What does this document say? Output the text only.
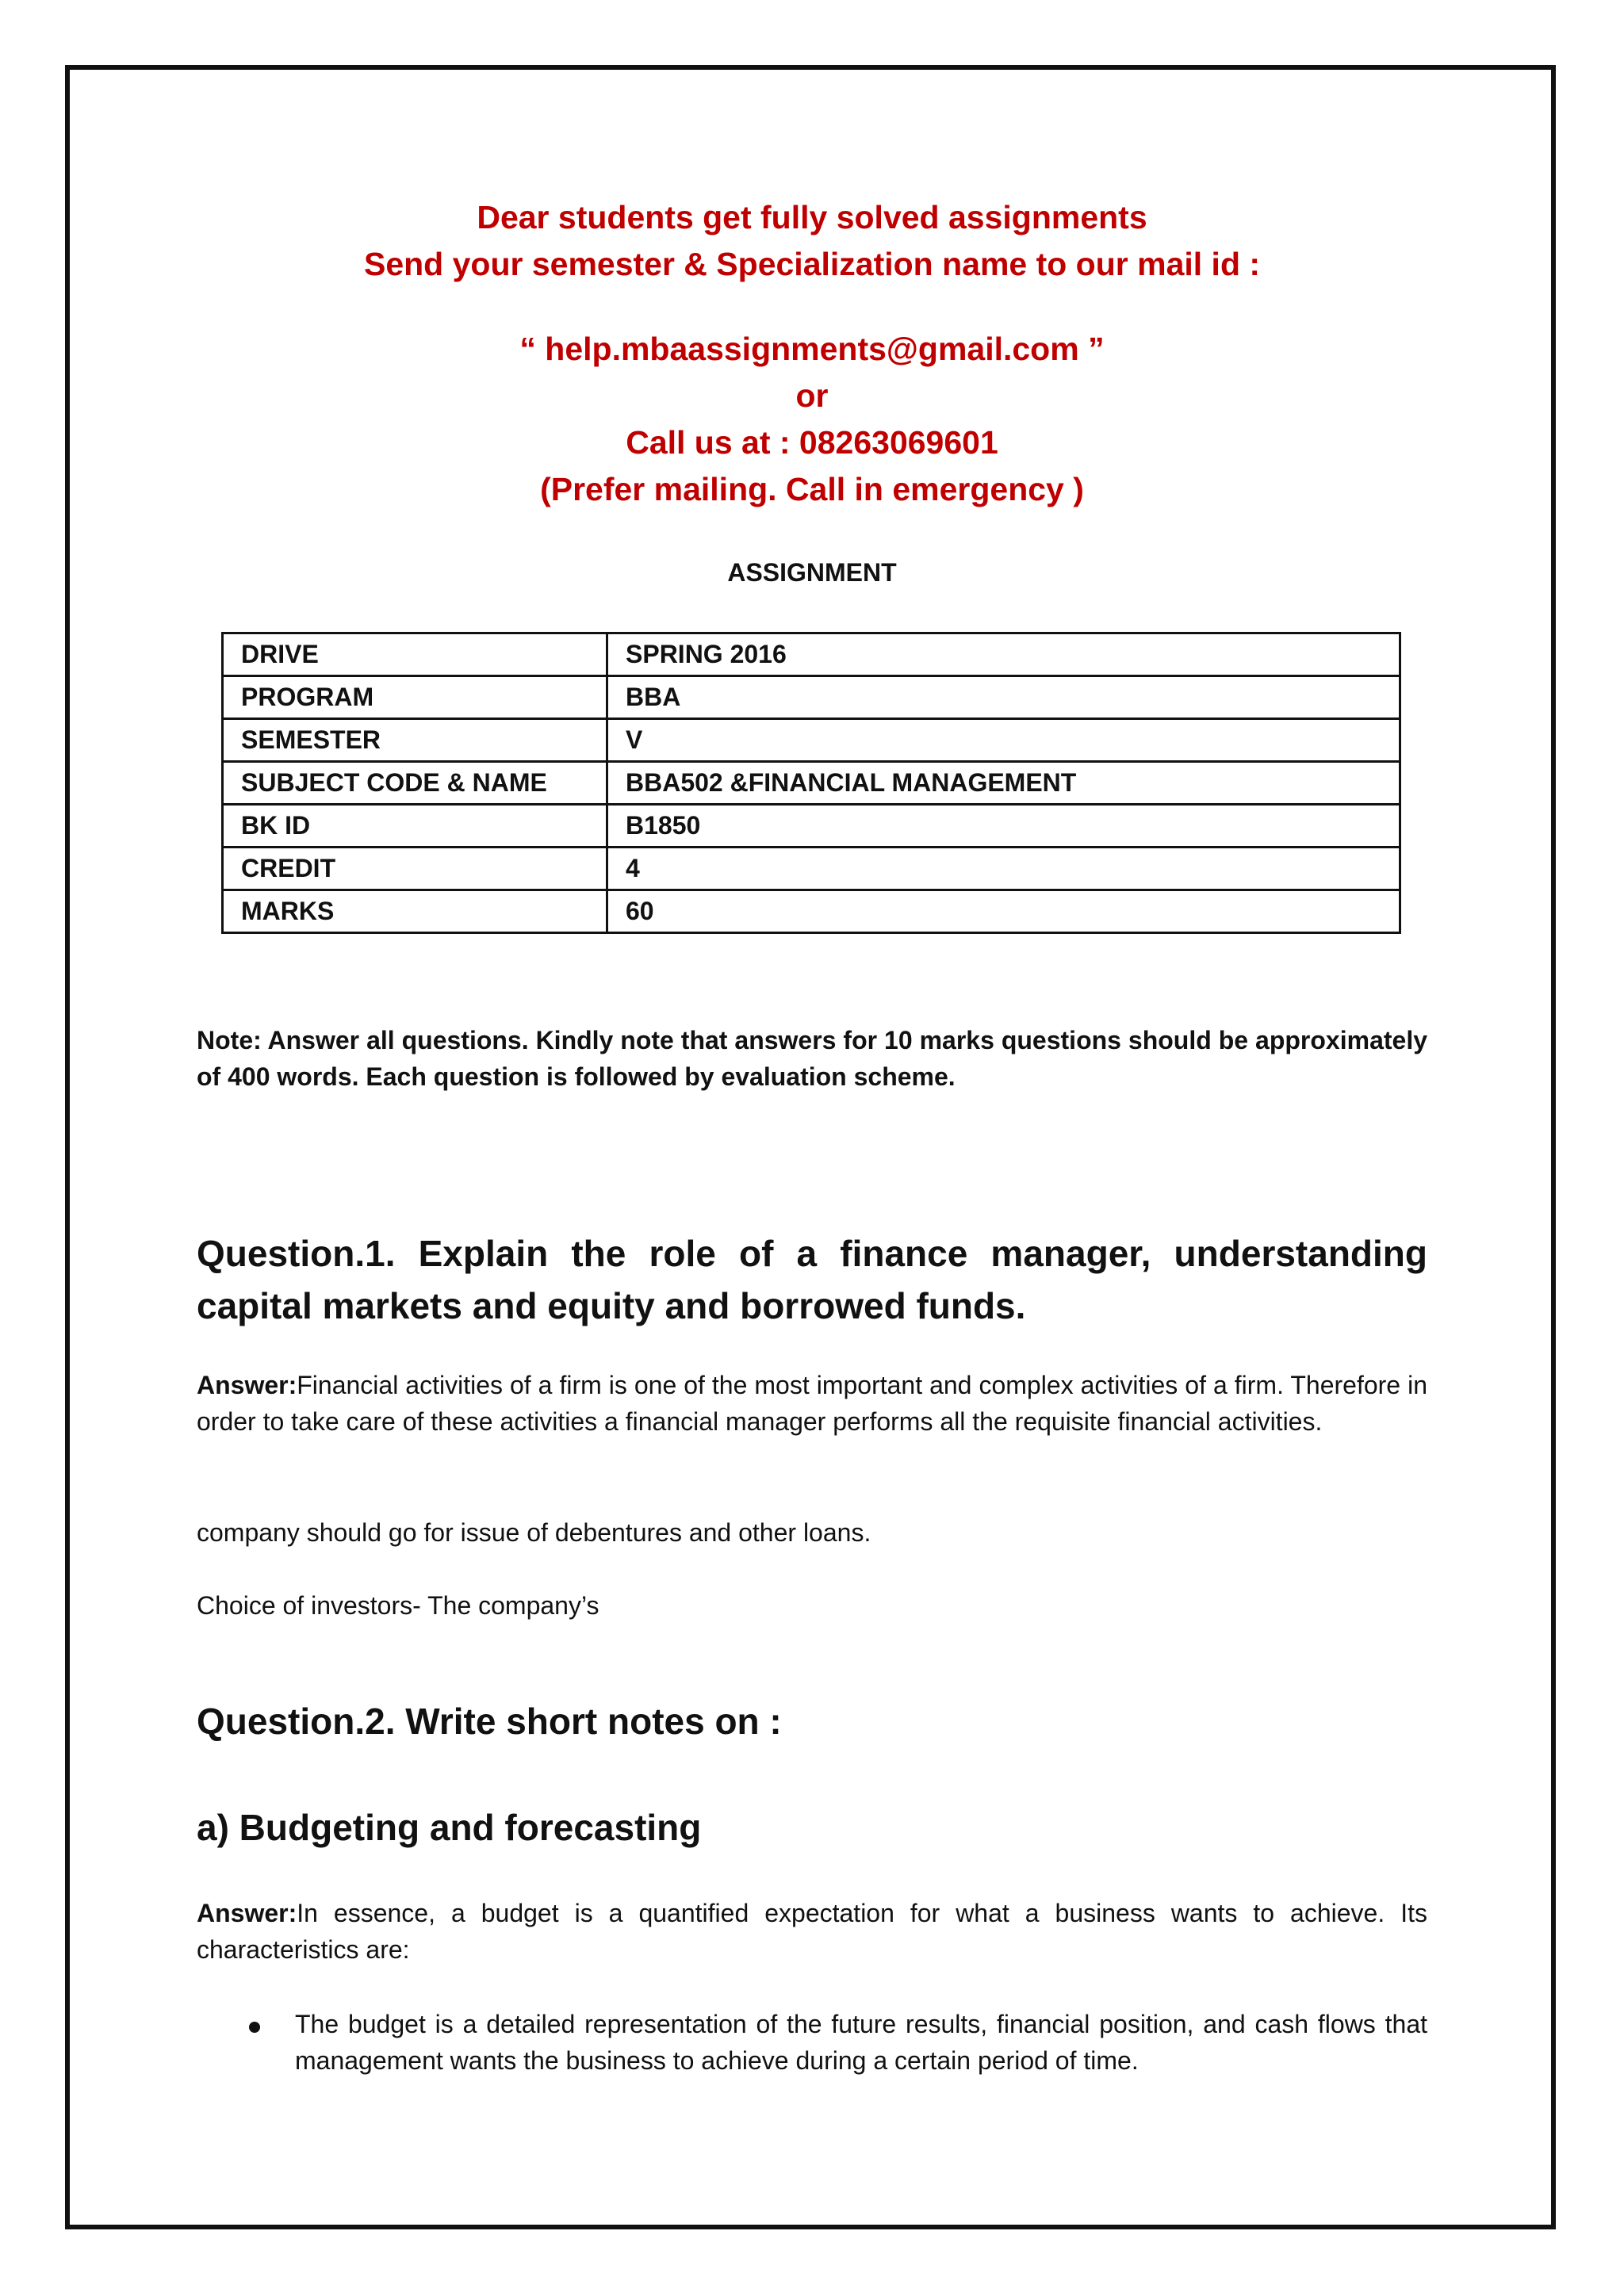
Dear students get fully solved assignments
Send your semester & Specialization name to our mail id :
“ help.mbaassignments@gmail.com ”
or
Call us at : 08263069601
(Prefer mailing. Call in emergency )
ASSIGNMENT
DRIVE	SPRING 2016
PROGRAM	BBA
SEMESTER	V
SUBJECT CODE & NAME	BBA502 &FINANCIAL MANAGEMENT
BK ID	B1850
CREDIT	4
MARKS	60
Note: Answer all questions. Kindly note that answers for 10 marks questions should be approximately of 400 words. Each question is followed by evaluation scheme.
Question.1. Explain the role of a finance manager, understanding capital markets and equity and borrowed funds.
Answer:Financial activities of a firm is one of the most important and complex activities of a firm. Therefore in order to take care of these activities a financial manager performs all the requisite financial activities.
company should go for issue of debentures and other loans.
Choice of investors- The company’s
Question.2. Write short notes on :
a) Budgeting and forecasting
Answer:In essence, a budget is a quantified expectation for what a business wants to achieve. Its characteristics are:
The budget is a detailed representation of the future results, financial position, and cash flows that management wants the business to achieve during a certain period of time.
